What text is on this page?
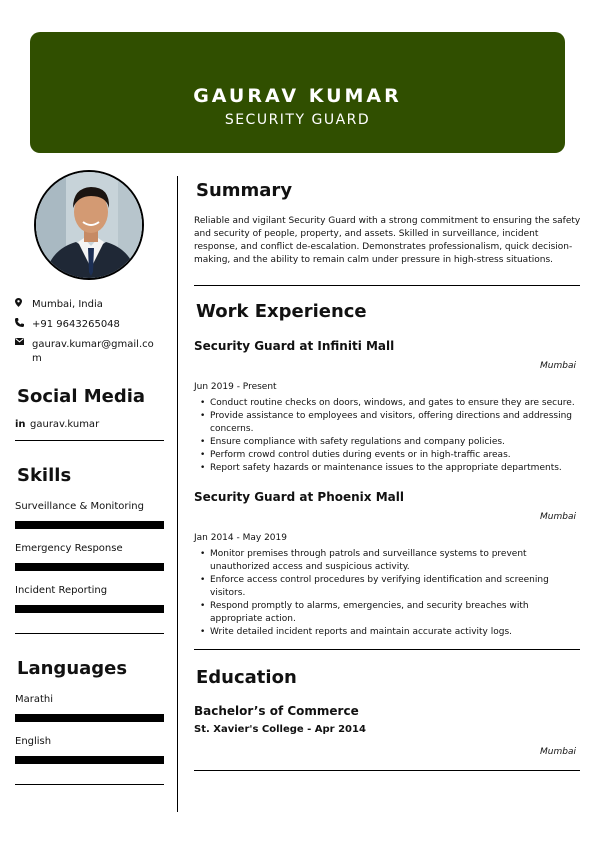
GAURAV KUMAR
SECURITY GUARD
Mumbai, India
+91 9643265048
gaurav.kumar@gmail.co
m
Social Media
in gaurav.kumar
Skills
Surveillance & Monitoring
Emergency Response
Incident Reporting
Languages
Marathi
English
Summary
Reliable and vigilant Security Guard with a strong commitment to ensuring the safety and security of people, property, and assets. Skilled in surveillance, incident response, and conflict de-escalation. Demonstrates professionalism, quick decision-making, and the ability to remain calm under pressure in high-stress situations.
Work Experience
Security Guard at Infiniti Mall
Mumbai
Jun 2019 - Present
• Conduct routine checks on doors, windows, and gates to ensure they are secure.
• Provide assistance to employees and visitors, offering directions and addressing concerns.
• Ensure compliance with safety regulations and company policies.
• Perform crowd control duties during events or in high-traffic areas.
• Report safety hazards or maintenance issues to the appropriate departments.
Security Guard at Phoenix Mall
Mumbai
Jan 2014 - May 2019
• Monitor premises through patrols and surveillance systems to prevent unauthorized access and suspicious activity.
• Enforce access control procedures by verifying identification and screening visitors.
• Respond promptly to alarms, emergencies, and security breaches with appropriate action.
• Write detailed incident reports and maintain accurate activity logs.
Education
Bachelor’s of Commerce
St. Xavier's College - Apr 2014
Mumbai
